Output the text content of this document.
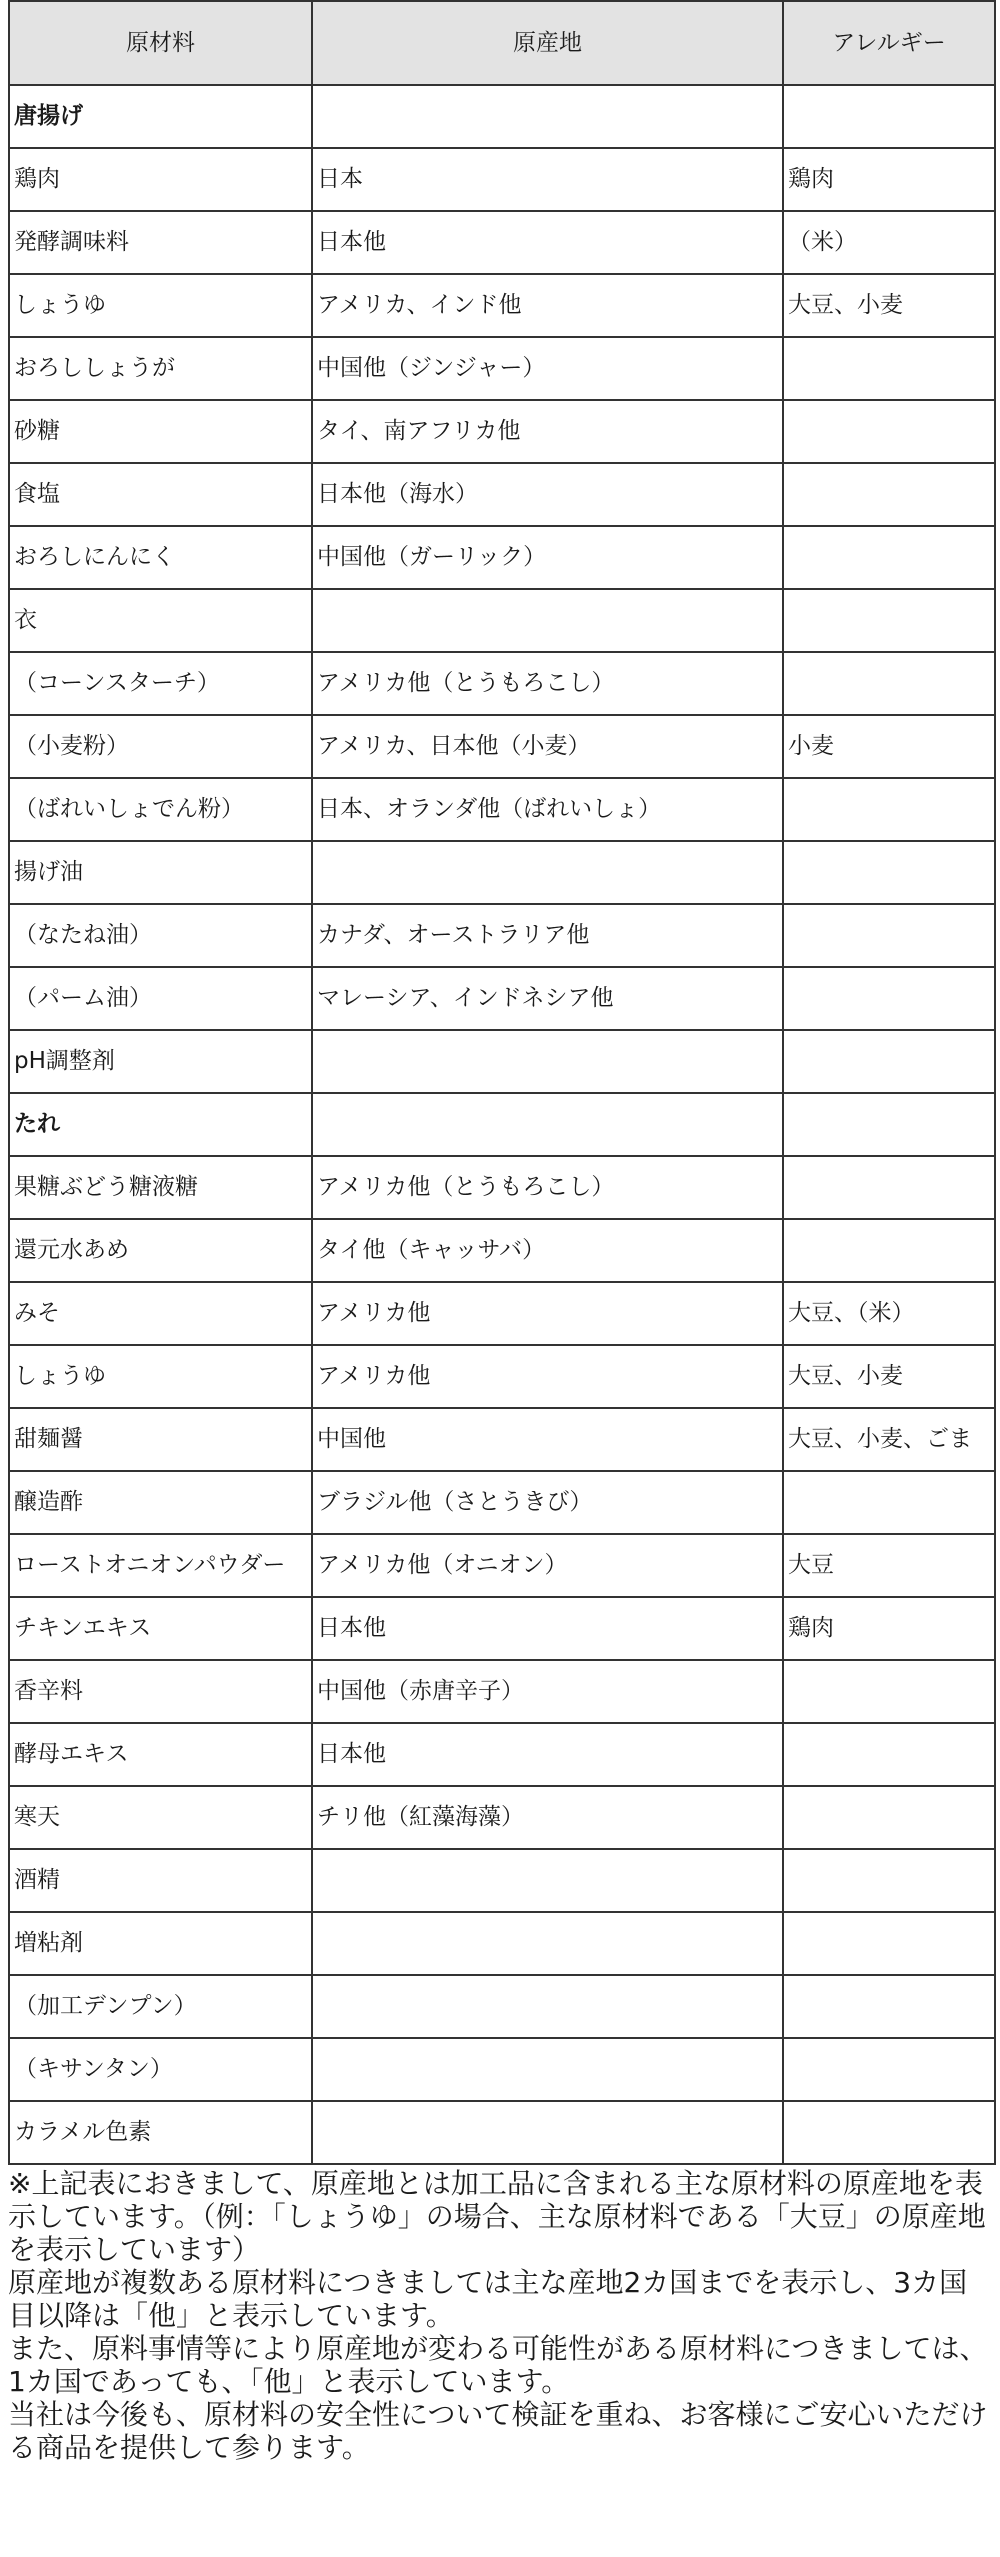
原材料	原産地	アレルギー
唐揚げ		
鶏肉	日本	鶏肉
発酵調味料	日本他	（米）
しょうゆ	アメリカ、インド他	大豆、小麦
おろししょうが	中国他（ジンジャー）	
砂糖	タイ、南アフリカ他	
食塩	日本他（海水）	
おろしにんにく	中国他（ガーリック）	
衣		
（コーンスターチ）	アメリカ他（とうもろこし）	
（小麦粉）	アメリカ、日本他（小麦）	小麦
（ばれいしょでん粉）	日本、オランダ他（ばれいしょ）	
揚げ油		
（なたね油）	カナダ、オーストラリア他	
（パーム油）	マレーシア、インドネシア他	
pH調整剤		
たれ		
果糖ぶどう糖液糖	アメリカ他（とうもろこし）	
還元水あめ	タイ他（キャッサバ）	
みそ	アメリカ他	大豆、（米）
しょうゆ	アメリカ他	大豆、小麦
甜麺醤	中国他	大豆、小麦、ごま
醸造酢	ブラジル他（さとうきび）	
ローストオニオンパウダー	アメリカ他（オニオン）	大豆
チキンエキス	日本他	鶏肉
香辛料	中国他（赤唐辛子）	
酵母エキス	日本他	
寒天	チリ他（紅藻海藻）	
酒精		
増粘剤		
（加工デンプン）		
（キサンタン）		
カラメル色素		

※上記表におきまして、原産地とは加工品に含まれる主な原材料の原産地を表示しています。（例：「しょうゆ」の場合、主な原材料である「大豆」の原産地を表示しています）

原産地が複数ある原材料につきましては主な産地2カ国までを表示し、3カ国目以降は「他」と表示しています。

また、原料事情等により原産地が変わる可能性がある原材料につきましては、1カ国であっても、「他」と表示しています。

当社は今後も、原材料の安全性について検証を重ね、お客様にご安心いただける商品を提供して参ります。
